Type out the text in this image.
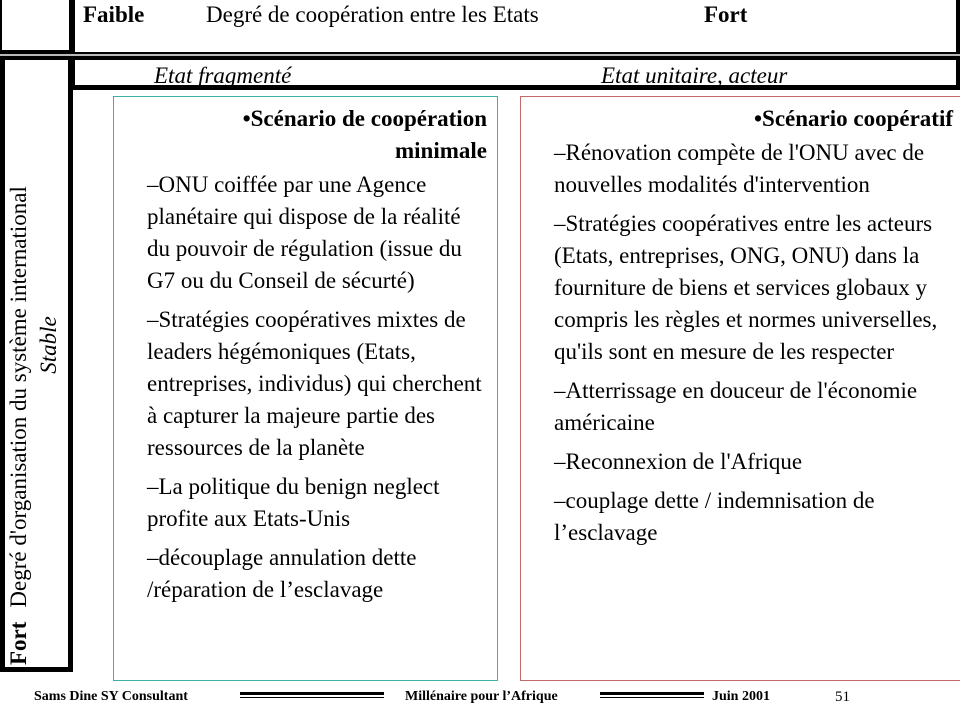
Faible	Degré de coopération entre les Etats	Fort
Etat fragmenté	Etat unitaire, acteur
FortDegré d'organisation du système international Stable
•Scénario de coopération minimale
–ONU coiffée par une Agence planétaire qui dispose de la réalité du pouvoir de régulation (issue du G7 ou du Conseil de sécurté)
–Stratégies coopératives mixtes de leaders hégémoniques (Etats, entreprises, individus) qui cherchent à capturer la majeure partie des ressources de la planète
–La politique du benign neglect profite aux Etats-Unis
–découplage annulation dette /réparation de l’esclavage
•Scénario coopératif
–Rénovation compète de l'ONU avec de nouvelles modalités d'intervention
–Stratégies coopératives entre les acteurs (Etats, entreprises, ONG, ONU) dans la fourniture de biens et services globaux y compris les règles et normes universelles, qu'ils sont en mesure de les respecter
–Atterrissage en douceur de l'économie américaine
–Reconnexion de l'Afrique
–couplage dette / indemnisation de l’esclavage
Sams Dine SY Consultant	Millénaire pour l’Afrique	Juin 2001	51
